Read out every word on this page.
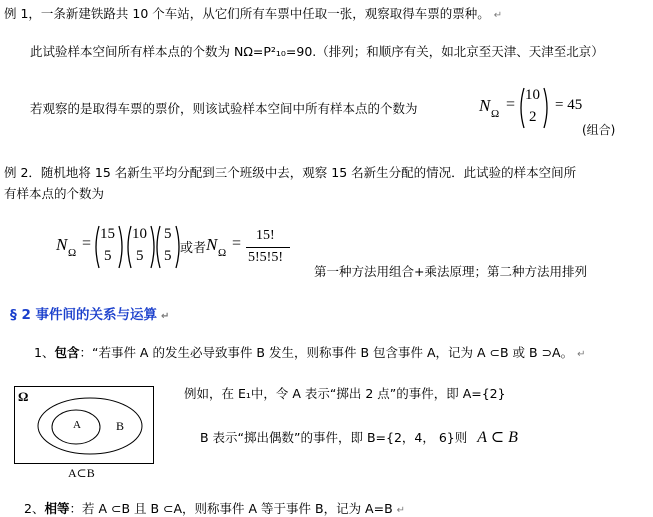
例 1，一条新建铁路共 10 个车站，从它们所有车票中任取一张，观察取得车票的票种。 ↵
此试验样本空间所有样本点的个数为 NΩ=P²₁₀=90.（排列；和顺序有关，如北京至天津、天津至北京）
若观察的是取得车票的票价，则该试验样本空间中所有样本点的个数为	N Ω
=
10
2
= 45
(组合)
例 2．随机地将 15 名新生平均分配到三个班级中去，观察 15 名新生分配的情况．此试验的样本空间所
有样本点的个数为
N Ω
=
15
5
10
5
5
5 或者 N Ω
= 15!
5!5!5!
第一种方法用组合+乘法原理；第二种方法用排列
§ 2 事件间的关系与运算 ↵
1、包含：“若事件 A 的发生必导致事件 B 发生，则称事件 B 包含事件 A，记为 A ⊂B 或 B ⊃A。 ↵
Ω
A	B
A⊂B
例如，在 E₁中，令 A 表示“掷出 2 点”的事件，即 A={2}
B 表示“掷出偶数”的事件，即 B={2，4， 6}则 A ⊂ B
2、相等：若 A ⊂B 且 B ⊂A，则称事件 A 等于事件 B，记为 A=B ↵
